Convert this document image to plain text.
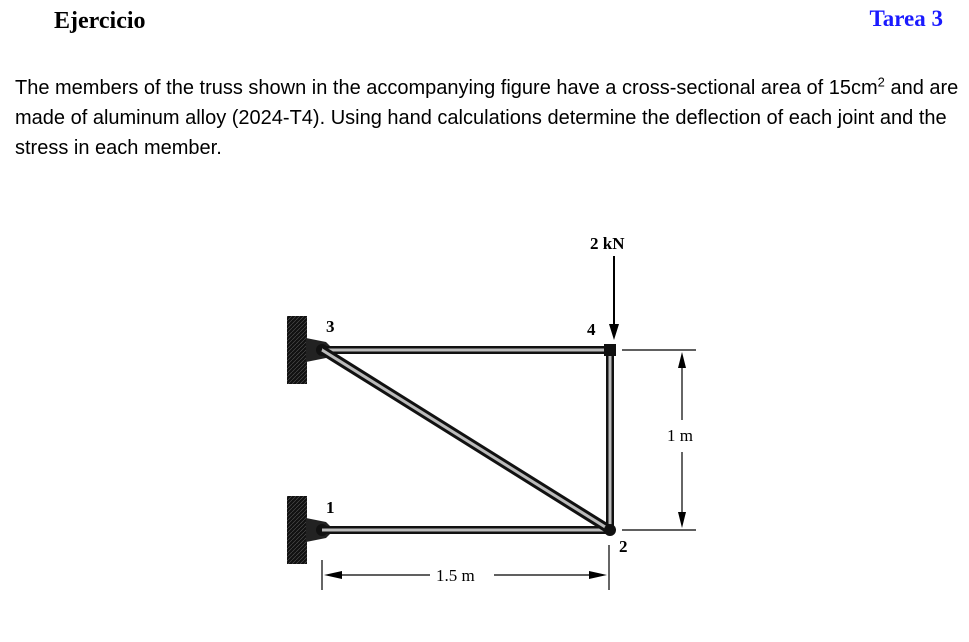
Ejercicio	Tarea 3

The members of the truss shown in the accompanying figure have a cross-sectional area of $15cm^2$ and are made of aluminum alloy (2024-T4). Using hand calculations determine the deflection of each joint and the stress in each member.

2 kN
3	4
1
2
1 m
1.5 m
